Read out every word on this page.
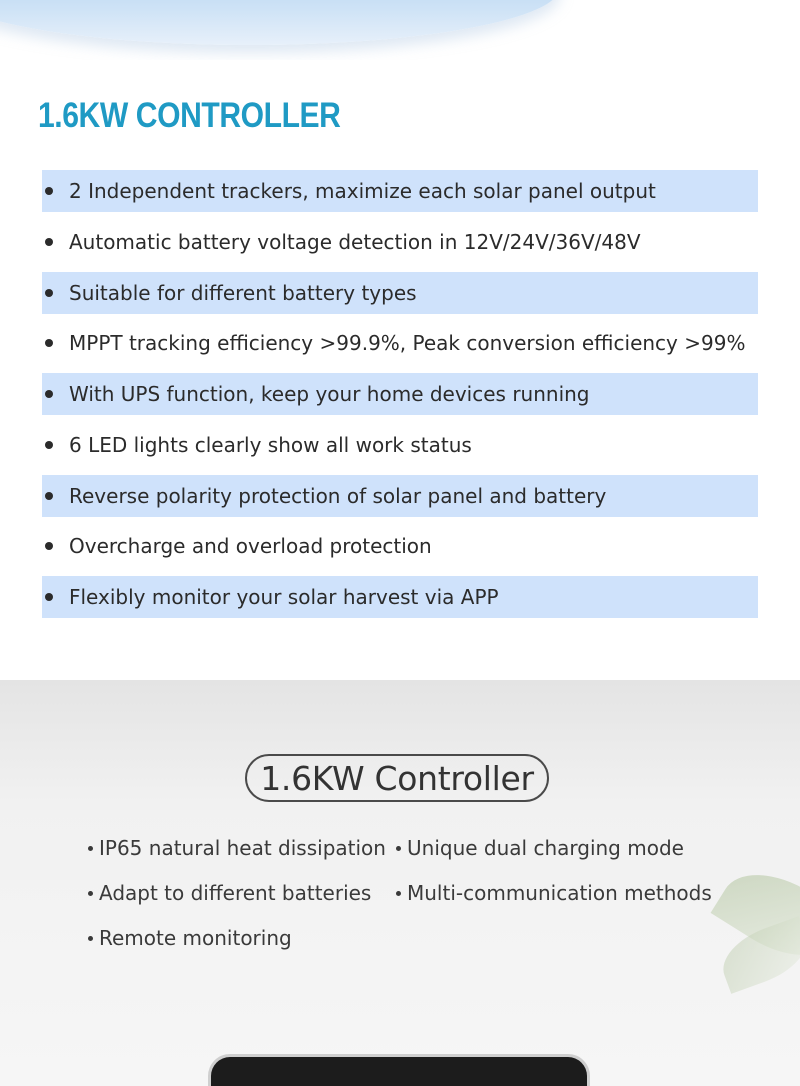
1.6KW CONTROLLER
2 Independent trackers, maximize each solar panel output
Automatic battery voltage detection in 12V/24V/36V/48V
Suitable for different battery types
MPPT tracking efficiency >99.9%, Peak conversion efficiency >99%
With UPS function, keep your home devices running
6 LED lights clearly show all work status
Reverse polarity protection of solar panel and battery
Overcharge and overload protection
Flexibly monitor your solar harvest via APP
1.6KW Controller
IP65 natural heat dissipation Unique dual charging mode
Adapt to different batteries Multi-communication methods
Remote monitoring
